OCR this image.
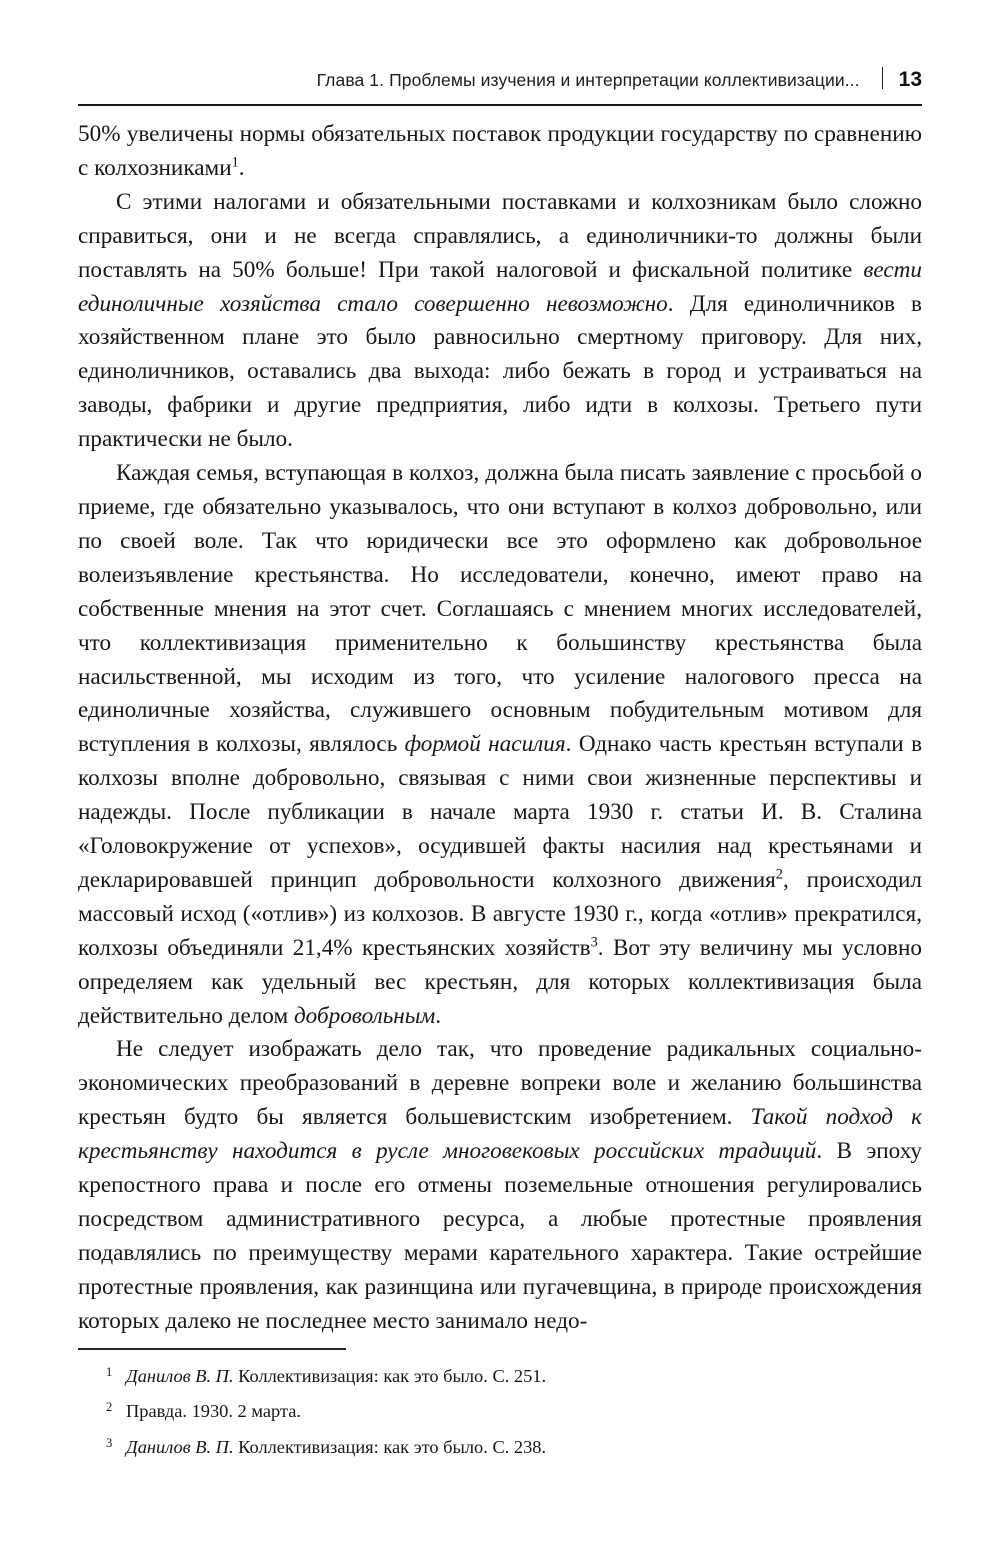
Глава 1. Проблемы изучения и интерпретации коллективизации... 13

50% увеличены нормы обязательных поставок продукции государству по сравнению с колхозниками$^1$.

С этими налогами и обязательными поставками и колхозникам было сложно справиться, они и не всегда справлялись, а единоличники-то должны были поставлять на 50% больше! При такой налоговой и фискальной политике вести единоличные хозяйства стало совершенно невозможно. Для единоличников в хозяйственном плане это было равносильно смертному приговору. Для них, единоличников, оставались два выхода: либо бежать в город и устраиваться на заводы, фабрики и другие предприятия, либо идти в колхозы. Третьего пути практически не было.

Каждая семья, вступающая в колхоз, должна была писать заявление с просьбой о приеме, где обязательно указывалось, что они вступают в колхоз добровольно, или по своей воле. Так что юридически все это оформлено как добровольное волеизъявление крестьянства. Но исследователи, конечно, имеют право на собственные мнения на этот счет. Соглашаясь с мнением многих исследователей, что коллективизация применительно к большинству крестьянства была насильственной, мы исходим из того, что усиление налогового пресса на единоличные хозяйства, служившего основным побудительным мотивом для вступления в колхозы, являлось формой насилия. Однако часть крестьян вступали в колхозы вполне добровольно, связывая с ними свои жизненные перспективы и надежды. После публикации в начале марта 1930 г. статьи И. В. Сталина «Головокружение от успехов», осудившей факты насилия над крестьянами и декларировавшей принцип добровольности колхозного движения$^2$, происходил массовый исход («отлив») из колхозов. В августе 1930 г., когда «отлив» прекратился, колхозы объединяли 21,4% крестьянских хозяйств$^3$. Вот эту величину мы условно определяем как удельный вес крестьян, для которых коллективизация была действительно делом добровольным.

Не следует изображать дело так, что проведение радикальных социально-экономических преобразований в деревне вопреки воле и желанию большинства крестьян будто бы является большевистским изобретением. Такой подход к крестьянству находится в русле многовековых российских традиций. В эпоху крепостного права и после его отмены поземельные отношения регулировались посредством административного ресурса, а любые протестные проявления подавлялись по преимуществу мерами карательного характера. Такие острейшие протестные проявления, как разинщина или пугачевщина, в природе происхождения которых далеко не последнее место занимало недо-

1 Данилов В. П. Коллективизация: как это было. С. 251.
2 Правда. 1930. 2 марта.
3 Данилов В. П. Коллективизация: как это было. С. 238.
